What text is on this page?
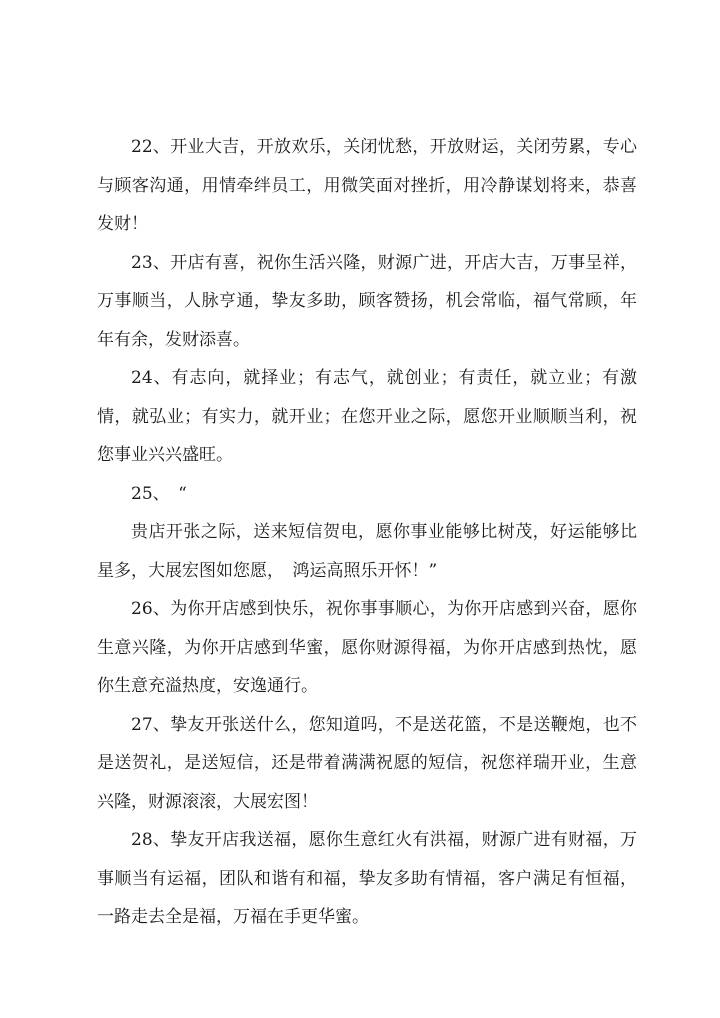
22、开业大吉，开放欢乐，关闭忧愁，开放财运，关闭劳累，专心与顾客沟通，用情牵绊员工，用微笑面对挫折，用冷静谋划将来，恭喜发财！

23、开店有喜，祝你生活兴隆，财源广进，开店大吉，万事呈祥，万事顺当，人脉亨通，挚友多助，顾客赞扬，机会常临，福气常顾，年年有余，发财添喜。

24、有志向，就择业；有志气，就创业；有责任，就立业；有激情，就弘业；有实力，就开业；在您开业之际，愿您开业顺顺当利，祝您事业兴兴盛旺。

25、　“

贵店开张之际，送来短信贺电，愿你事业能够比树茂，好运能够比星多，大展宏图如您愿，　鸿运高照乐开怀！”

26、为你开店感到快乐，祝你事事顺心，为你开店感到兴奋，愿你生意兴隆，为你开店感到华蜜，愿你财源得福，为你开店感到热忱，愿你生意充溢热度，安逸通行。

27、挚友开张送什么，您知道吗，不是送花篮，不是送鞭炮，也不是送贺礼，是送短信，还是带着满满祝愿的短信，祝您祥瑞开业，生意兴隆，财源滚滚，大展宏图！

28、挚友开店我送福，愿你生意红火有洪福，财源广进有财福，万事顺当有运福，团队和谐有和福，挚友多助有情福，客户满足有恒福，一路走去全是福，万福在手更华蜜。
